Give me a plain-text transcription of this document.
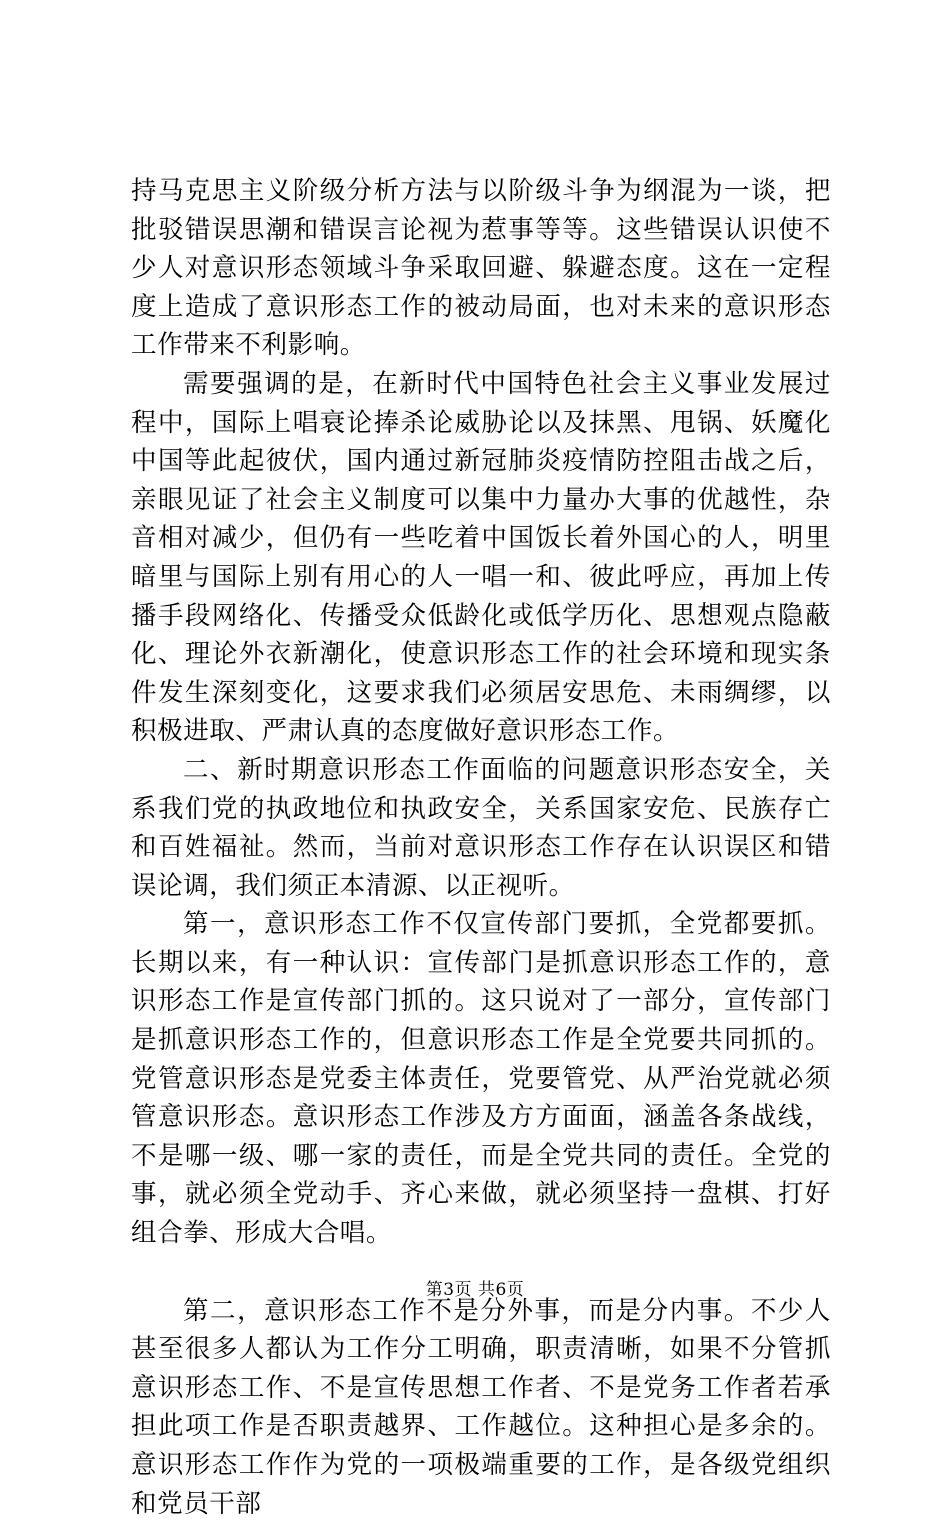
持马克思主义阶级分析方法与以阶级斗争为纲混为一谈，把批驳错误思潮和错误言论视为惹事等等。这些错误认识使不少人对意识形态领域斗争采取回避、躲避态度。这在一定程度上造成了意识形态工作的被动局面，也对未来的意识形态工作带来不利影响。

需要强调的是，在新时代中国特色社会主义事业发展过程中，国际上唱衰论捧杀论威胁论以及抹黑、甩锅、妖魔化中国等此起彼伏，国内通过新冠肺炎疫情防控阻击战之后，亲眼见证了社会主义制度可以集中力量办大事的优越性，杂音相对减少，但仍有一些吃着中国饭长着外国心的人，明里暗里与国际上别有用心的人一唱一和、彼此呼应，再加上传播手段网络化、传播受众低龄化或低学历化、思想观点隐蔽化、理论外衣新潮化，使意识形态工作的社会环境和现实条件发生深刻变化，这要求我们必须居安思危、未雨绸缪，以积极进取、严肃认真的态度做好意识形态工作。

二、新时期意识形态工作面临的问题意识形态安全，关系我们党的执政地位和执政安全，关系国家安危、民族存亡和百姓福祉。然而，当前对意识形态工作存在认识误区和错误论调，我们须正本清源、以正视听。

第一，意识形态工作不仅宣传部门要抓，全党都要抓。长期以来，有一种认识：宣传部门是抓意识形态工作的，意识形态工作是宣传部门抓的。这只说对了一部分，宣传部门是抓意识形态工作的，但意识形态工作是全党要共同抓的。党管意识形态是党委主体责任，党要管党、从严治党就必须管意识形态。意识形态工作涉及方方面面，涵盖各条战线，不是哪一级、哪一家的责任，而是全党共同的责任。全党的事，就必须全党动手、齐心来做，就必须坚持一盘棋、打好组合拳、形成大合唱。

第二，意识形态工作不是分外事，而是分内事。不少人甚至很多人都认为工作分工明确，职责清晰，如果不分管抓意识形态工作、不是宣传思想工作者、不是党务工作者若承担此项工作是否职责越界、工作越位。这种担心是多余的。意识形态工作作为党的一项极端重要的工作，是各级党组织和党员干部

第3页 共6页
